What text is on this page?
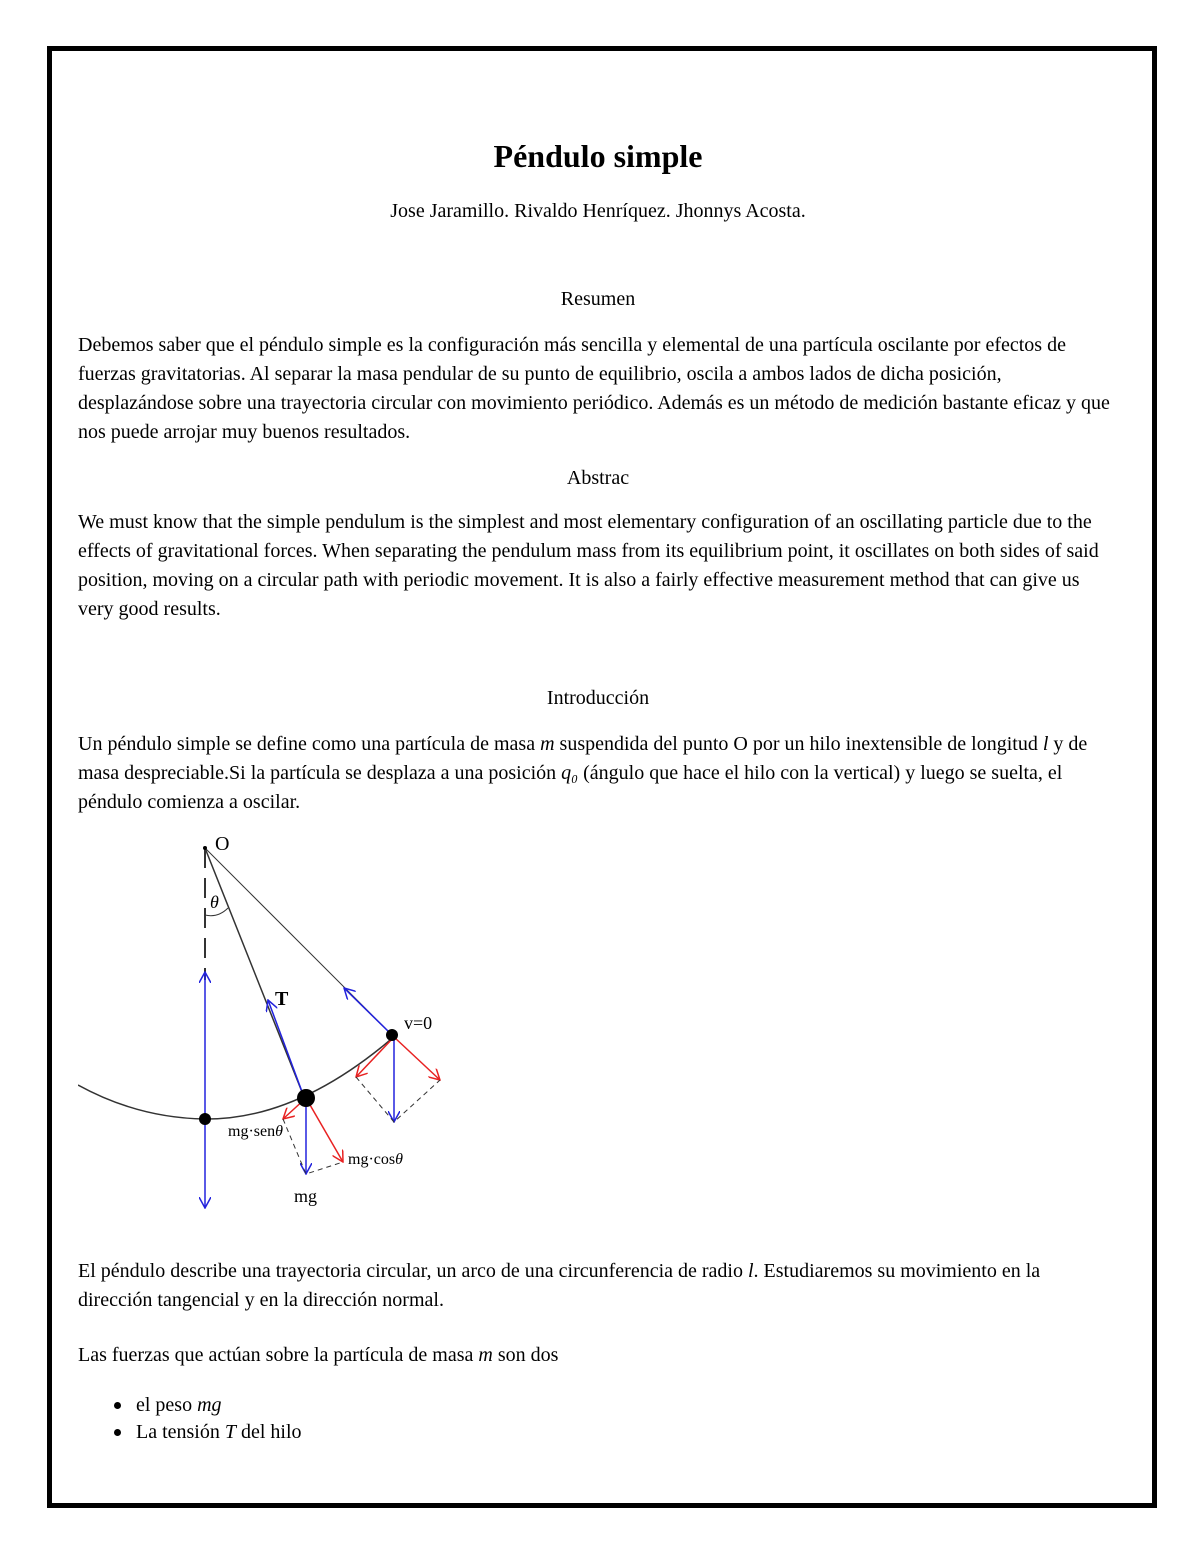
Péndulo simple
Jose Jaramillo. Rivaldo Henríquez. Jhonnys Acosta.
Resumen
Debemos saber que el péndulo simple es la configuración más sencilla y elemental de una partícula oscilante por efectos de fuerzas gravitatorias. Al separar la masa pendular de su punto de equilibrio, oscila a ambos lados de dicha posición, desplazándose sobre una trayectoria circular con movimiento periódico. Además es un método de medición bastante eficaz y que nos puede arrojar muy buenos resultados.
Abstrac
We must know that the simple pendulum is the simplest and most elementary configuration of an oscillating particle due to the effects of gravitational forces. When separating the pendulum mass from its equilibrium point, it oscillates on both sides of said position, moving on a circular path with periodic movement. It is also a fairly effective measurement method that can give us very good results.
Introducción
Un péndulo simple se define como una partícula de masa m suspendida del punto O por un hilo inextensible de longitud l y de masa despreciable.Si la partícula se desplaza a una posición q₀ (ángulo que hace el hilo con la vertical) y luego se suelta, el péndulo comienza a oscilar.
El péndulo describe una trayectoria circular, un arco de una circunferencia de radio l. Estudiaremos su movimiento en la dirección tangencial y en la dirección normal.
Las fuerzas que actúan sobre la partícula de masa m son dos
el peso mg
La tensión T del hilo
θ
O
T
mg
mg·senθ
mg·cosθ
v=0
